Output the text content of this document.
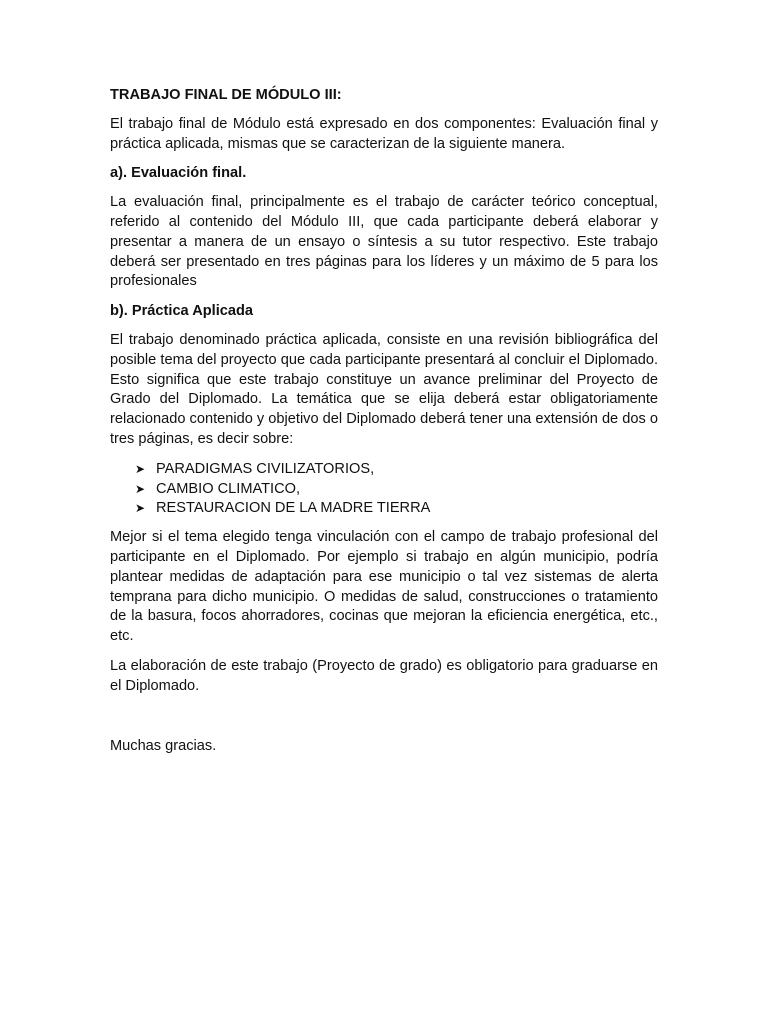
TRABAJO FINAL DE MÓDULO III:

El trabajo final de Módulo está expresado en dos componentes: Evaluación final y práctica aplicada, mismas que se caracterizan de la siguiente manera.

a). Evaluación final.

La evaluación final, principalmente es el trabajo de carácter teórico conceptual, referido al contenido del Módulo III, que cada participante deberá elaborar y presentar a manera de un ensayo o síntesis a su tutor respectivo. Este trabajo deberá ser presentado en tres páginas para los líderes y un máximo de 5 para los profesionales

b). Práctica Aplicada

El trabajo denominado práctica aplicada, consiste en una revisión bibliográfica del posible tema del proyecto que cada participante presentará al concluir el Diplomado. Esto significa que este trabajo constituye un avance preliminar del Proyecto de Grado del Diplomado. La temática que se elija deberá estar obligatoriamente relacionado contenido y objetivo del Diplomado deberá tener una extensión de dos o tres páginas, es decir sobre:

➤ PARADIGMAS CIVILIZATORIOS,
➤ CAMBIO CLIMATICO,
➤ RESTAURACION DE LA MADRE TIERRA

Mejor si el tema elegido tenga vinculación con el campo de trabajo profesional del participante en el Diplomado. Por ejemplo si trabajo en algún municipio, podría plantear medidas de adaptación para ese municipio o tal vez sistemas de alerta temprana para dicho municipio. O medidas de salud, construcciones o tratamiento de la basura, focos ahorradores, cocinas que mejoran la eficiencia energética, etc., etc.

La elaboración de este trabajo (Proyecto de grado) es obligatorio para graduarse en el Diplomado.

Muchas gracias.
